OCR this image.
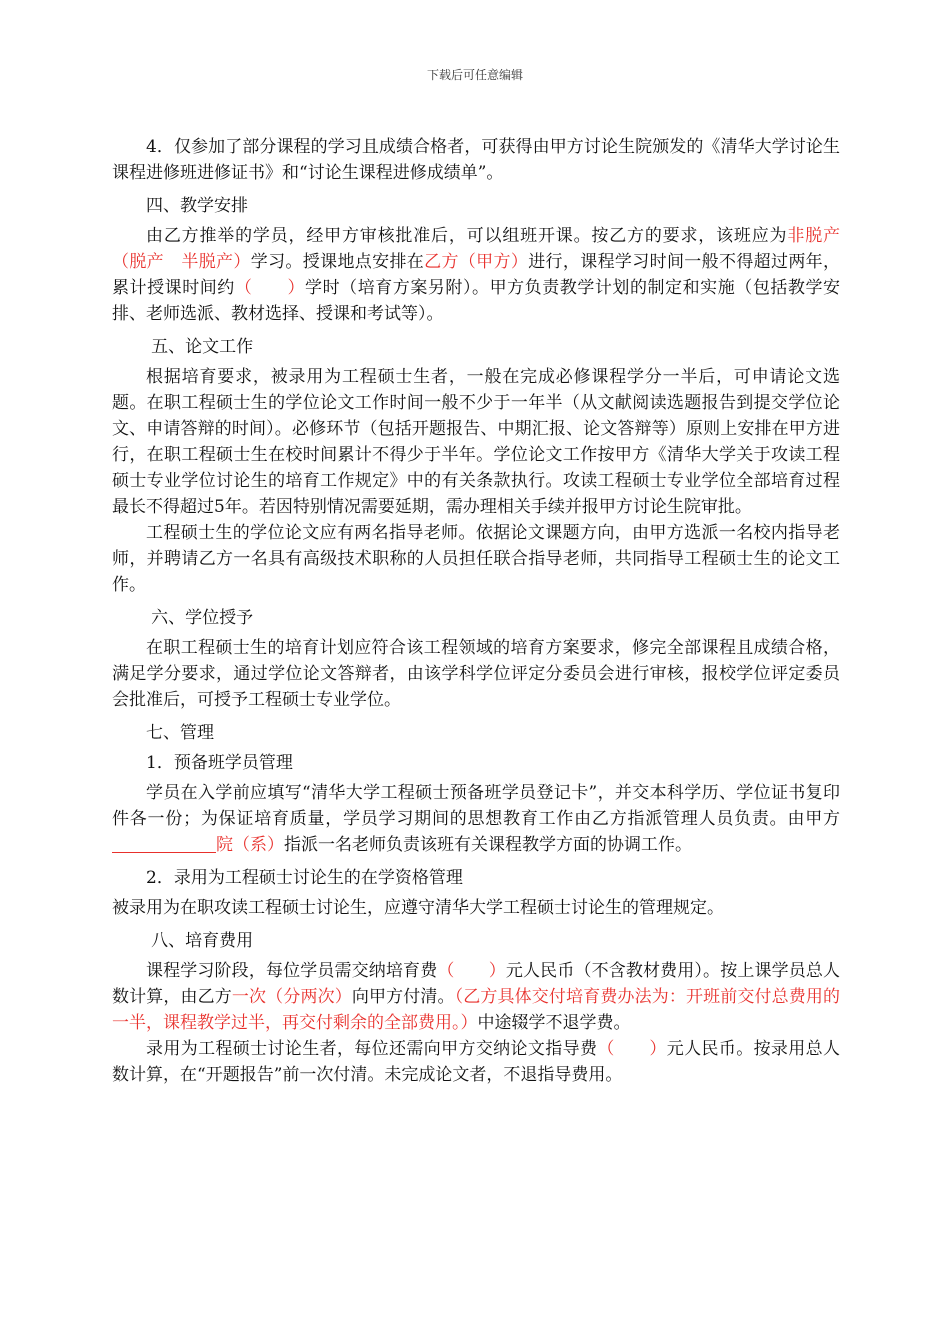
下载后可任意编辑

4．仅参加了部分课程的学习且成绩合格者，可获得由甲方讨论生院颁发的《清华大学讨论生课程进修班进修证书》和“讨论生课程进修成绩单”。

四、教学安排

由乙方推举的学员，经甲方审核批准后，可以组班开课。按乙方的要求，该班应为非脱产（脱产　半脱产）学习。授课地点安排在乙方（甲方）进行，课程学习时间一般不得超过两年，累计授课时间约（　　）学时（培育方案另附）。甲方负责教学计划的制定和实施（包括教学安排、老师选派、教材选择、授课和考试等）。

五、论文工作

根据培育要求，被录用为工程硕士生者，一般在完成必修课程学分一半后，可申请论文选题。在职工程硕士生的学位论文工作时间一般不少于一年半（从文献阅读选题报告到提交学位论文、申请答辩的时间）。必修环节（包括开题报告、中期汇报、论文答辩等）原则上安排在甲方进行，在职工程硕士生在校时间累计不得少于半年。学位论文工作按甲方《清华大学关于攻读工程硕士专业学位讨论生的培育工作规定》中的有关条款执行。攻读工程硕士专业学位全部培育过程最长不得超过5年。若因特别情况需要延期，需办理相关手续并报甲方讨论生院审批。

工程硕士生的学位论文应有两名指导老师。依据论文课题方向，由甲方选派一名校内指导老师，并聘请乙方一名具有高级技术职称的人员担任联合指导老师，共同指导工程硕士生的论文工作。

六、学位授予

在职工程硕士生的培育计划应符合该工程领域的培育方案要求，修完全部课程且成绩合格，满足学分要求，通过学位论文答辩者，由该学科学位评定分委员会进行审核，报校学位评定委员会批准后，可授予工程硕士专业学位。

七、管理

1．预备班学员管理

学员在入学前应填写“清华大学工程硕士预备班学员登记卡”，并交本科学历、学位证书复印件各一份；为保证培育质量，学员学习期间的思想教育工作由乙方指派管理人员负责。由甲方院（系）指派一名老师负责该班有关课程教学方面的协调工作。

2．录用为工程硕士讨论生的在学资格管理

被录用为在职攻读工程硕士讨论生，应遵守清华大学工程硕士讨论生的管理规定。

八、培育费用

课程学习阶段，每位学员需交纳培育费（　　）元人民币（不含教材费用）。按上课学员总人数计算，由乙方一次（分两次）向甲方付清。（乙方具体交付培育费办法为：开班前交付总费用的一半，课程教学过半，再交付剩余的全部费用。）中途辍学不退学费。

录用为工程硕士讨论生者，每位还需向甲方交纳论文指导费（　　）元人民币。按录用总人数计算，在“开题报告”前一次付清。未完成论文者，不退指导费用。
